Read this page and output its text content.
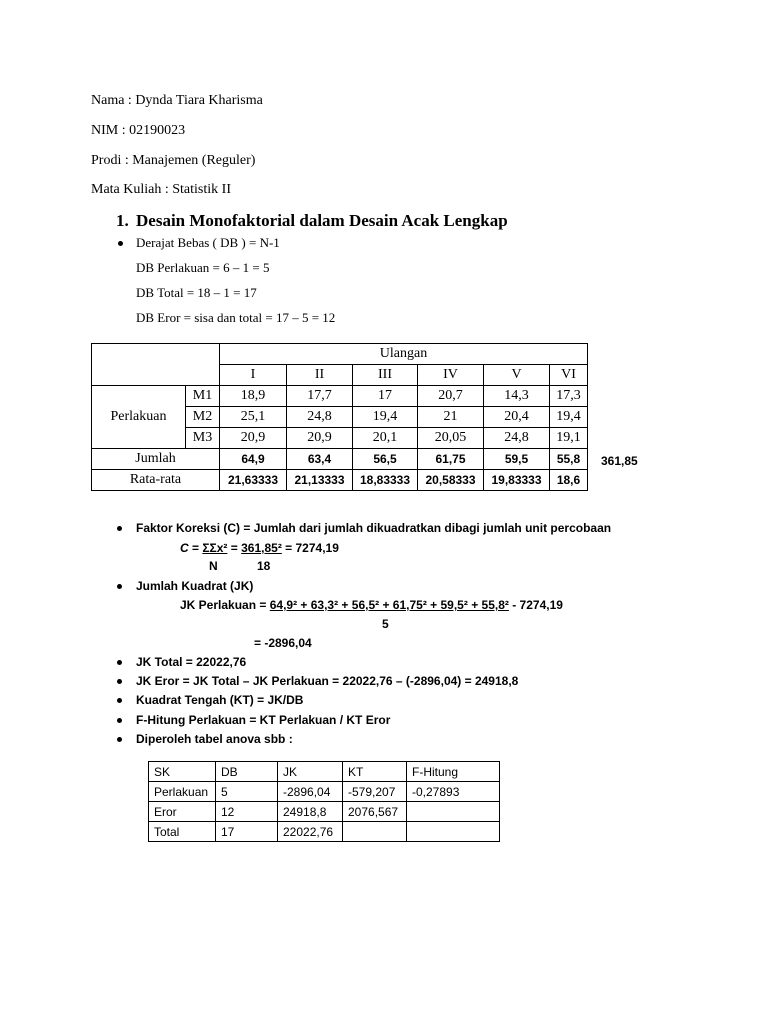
Nama : Dynda Tiara Kharisma
NIM : 02190023
Prodi : Manajemen (Reguler)
Mata Kuliah : Statistik II
1. Desain Monofaktorial dalam Desain Acak Lengkap
Derajat Bebas ( DB ) = N-1
DB Perlakuan = 6 – 1 = 5
DB Total = 18 – 1 = 17
DB Eror = sisa dan total = 17 – 5 = 12
		Ulangan					
		I	II	III	IV	V	VI
Perlakuan	M1	18,9	17,7	17	20,7	14,3	17,3
	M2	25,1	24,8	19,4	21	20,4	19,4
	M3	20,9	20,9	20,1	20,05	24,8	19,1
Jumlah		64,9	63,4	56,5	61,75	59,5	55,8
Rata-rata		21,63333	21,13333	18,83333	20,58333	19,83333	18,6
361,85
Faktor Koreksi (C) = Jumlah dari jumlah dikuadratkan dibagi jumlah unit percobaan
C = ΣΣx² = 361,85² = 7274,19
N	18
Jumlah Kuadrat (JK)
JK Perlakuan = 64,9² + 63,3² + 56,5² + 61,75² + 59,5² + 55,8² - 7274,19
5
= -2896,04
JK Total = 22022,76
JK Eror = JK Total – JK Perlakuan = 22022,76 – (-2896,04) = 24918,8
Kuadrat Tengah (KT) = JK/DB
F-Hitung Perlakuan = KT Perlakuan / KT Eror
Diperoleh tabel anova sbb :
SK	DB	JK	KT	F-Hitung
Perlakuan	5	-2896,04	-579,207	-0,27893
Eror	12	24918,8	2076,567	
Total	17	22022,76		
